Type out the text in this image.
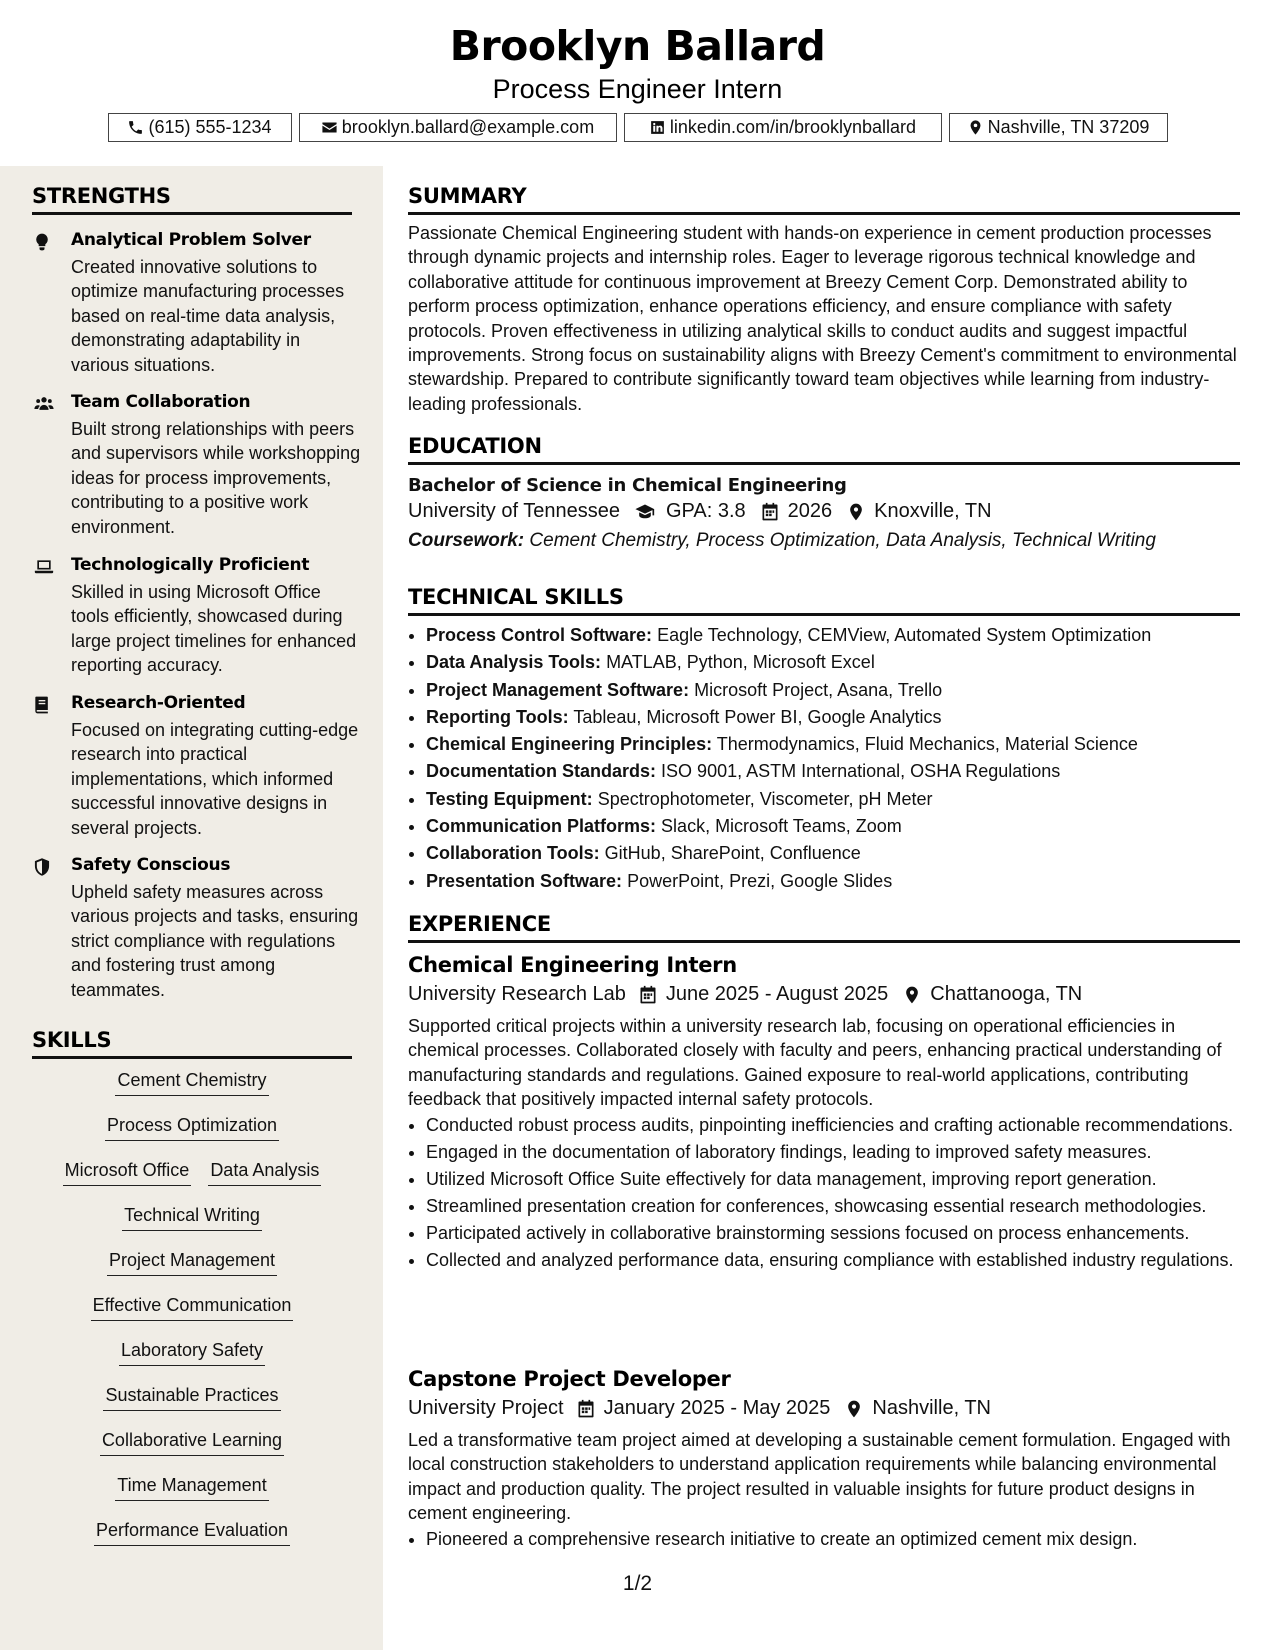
Brooklyn Ballard
Process Engineer Intern
(615) 555-1234	brooklyn.ballard@example.com	linkedin.com/in/brooklynballard	Nashville, TN 37209
STRENGTHS
Analytical Problem Solver
Created innovative solutions to optimize manufacturing processes based on real-time data analysis, demonstrating adaptability in various situations.
Team Collaboration
Built strong relationships with peers and supervisors while workshopping ideas for process improvements, contributing to a positive work environment.
Technologically Proficient
Skilled in using Microsoft Office tools efficiently, showcased during large project timelines for enhanced reporting accuracy.
Research-Oriented
Focused on integrating cutting-edge research into practical implementations, which informed successful innovative designs in several projects.
Safety Conscious
Upheld safety measures across various projects and tasks, ensuring strict compliance with regulations and fostering trust among teammates.
SKILLS
Cement Chemistry
Process Optimization
Microsoft Office Data Analysis
Technical Writing
Project Management
Effective Communication
Laboratory Safety
Sustainable Practices
Collaborative Learning
Time Management
Performance Evaluation
SUMMARY
Passionate Chemical Engineering student with hands-on experience in cement production processes through dynamic projects and internship roles. Eager to leverage rigorous technical knowledge and collaborative attitude for continuous improvement at Breezy Cement Corp. Demonstrated ability to perform process optimization, enhance operations efficiency, and ensure compliance with safety protocols. Proven effectiveness in utilizing analytical skills to conduct audits and suggest impactful improvements. Strong focus on sustainability aligns with Breezy Cement's commitment to environmental stewardship. Prepared to contribute significantly toward team objectives while learning from industry-leading professionals.
EDUCATION
Bachelor of Science in Chemical Engineering
University of Tennessee GPA: 3.8 2026 Knoxville, TN
Coursework: Cement Chemistry, Process Optimization, Data Analysis, Technical Writing
TECHNICAL SKILLS
• Process Control Software: Eagle Technology, CEMView, Automated System Optimization
• Data Analysis Tools: MATLAB, Python, Microsoft Excel
• Project Management Software: Microsoft Project, Asana, Trello
• Reporting Tools: Tableau, Microsoft Power BI, Google Analytics
• Chemical Engineering Principles: Thermodynamics, Fluid Mechanics, Material Science
• Documentation Standards: ISO 9001, ASTM International, OSHA Regulations
• Testing Equipment: Spectrophotometer, Viscometer, pH Meter
• Communication Platforms: Slack, Microsoft Teams, Zoom
• Collaboration Tools: GitHub, SharePoint, Confluence
• Presentation Software: PowerPoint, Prezi, Google Slides
EXPERIENCE
Chemical Engineering Intern
University Research Lab June 2025 - August 2025 Chattanooga, TN
Supported critical projects within a university research lab, focusing on operational efficiencies in chemical processes. Collaborated closely with faculty and peers, enhancing practical understanding of manufacturing standards and regulations. Gained exposure to real-world applications, contributing feedback that positively impacted internal safety protocols.
• Conducted robust process audits, pinpointing inefficiencies and crafting actionable recommendations.
• Engaged in the documentation of laboratory findings, leading to improved safety measures.
• Utilized Microsoft Office Suite effectively for data management, improving report generation.
• Streamlined presentation creation for conferences, showcasing essential research methodologies.
• Participated actively in collaborative brainstorming sessions focused on process enhancements.
• Collected and analyzed performance data, ensuring compliance with established industry regulations.
Capstone Project Developer
University Project January 2025 - May 2025 Nashville, TN
Led a transformative team project aimed at developing a sustainable cement formulation. Engaged with local construction stakeholders to understand application requirements while balancing environmental impact and production quality. The project resulted in valuable insights for future product designs in cement engineering.
• Pioneered a comprehensive research initiative to create an optimized cement mix design.
1/2
